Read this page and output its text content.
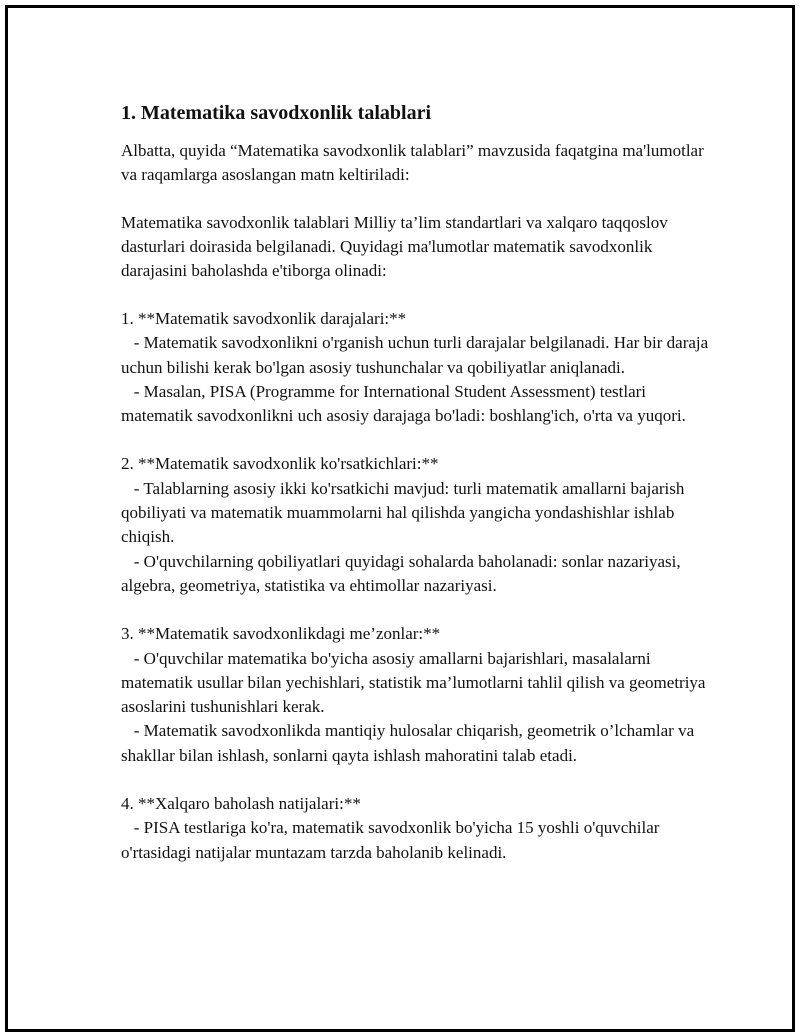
1. Matematika savodxonlik talablari
Albatta, quyida “Matematika savodxonlik talablari” mavzusida faqatgina ma'lumotlar va raqamlarga asoslangan matn keltiriladi:
Matematika savodxonlik talablari Milliy ta’lim standartlari va xalqaro taqqoslov dasturlari doirasida belgilanadi. Quyidagi ma'lumotlar matematik savodxonlik darajasini baholashda e'tiborga olinadi:
1. **Matematik savodxonlik darajalari:**
- Matematik savodxonlikni o'rganish uchun turli darajalar belgilanadi. Har bir daraja uchun bilishi kerak bo'lgan asosiy tushunchalar va qobiliyatlar aniqlanadi.
- Masalan, PISA (Programme for International Student Assessment) testlari matematik savodxonlikni uch asosiy darajaga bo'ladi: boshlang'ich, o'rta va yuqori.
2. **Matematik savodxonlik ko'rsatkichlari:**
- Talablarning asosiy ikki ko'rsatkichi mavjud: turli matematik amallarni bajarish qobiliyati va matematik muammolarni hal qilishda yangicha yondashishlar ishlab chiqish.
- O'quvchilarning qobiliyatlari quyidagi sohalarda baholanadi: sonlar nazariyasi, algebra, geometriya, statistika va ehtimollar nazariyasi.
3. **Matematik savodxonlikdagi me’zonlar:**
- O'quvchilar matematika bo'yicha asosiy amallarni bajarishlari, masalalarni matematik usullar bilan yechishlari, statistik ma’lumotlarni tahlil qilish va geometriya asoslarini tushunishlari kerak.
- Matematik savodxonlikda mantiqiy hulosalar chiqarish, geometrik o’lchamlar va shakllar bilan ishlash, sonlarni qayta ishlash mahoratini talab etadi.
4. **Xalqaro baholash natijalari:**
- PISA testlariga ko'ra, matematik savodxonlik bo'yicha 15 yoshli o'quvchilar o'rtasidagi natijalar muntazam tarzda baholanib kelinadi.
